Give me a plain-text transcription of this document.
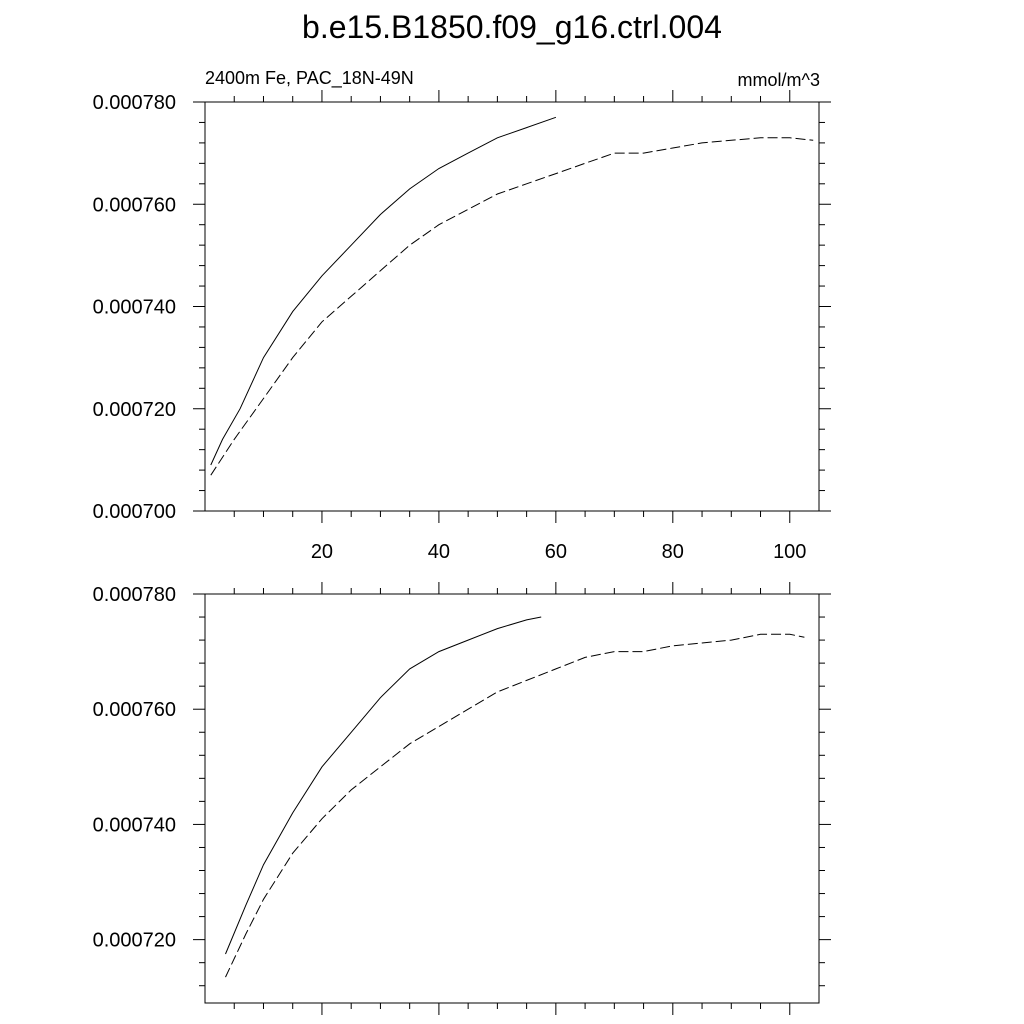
b.e15.B1850.f09_g16.ctrl.004
2400m Fe, PAC_18N-49N	mmol/m^3
20	40	60	80	100
0.000700
0.000720
0.000740
0.000760
0.000780
0.000720
0.000740
0.000760
0.000780
